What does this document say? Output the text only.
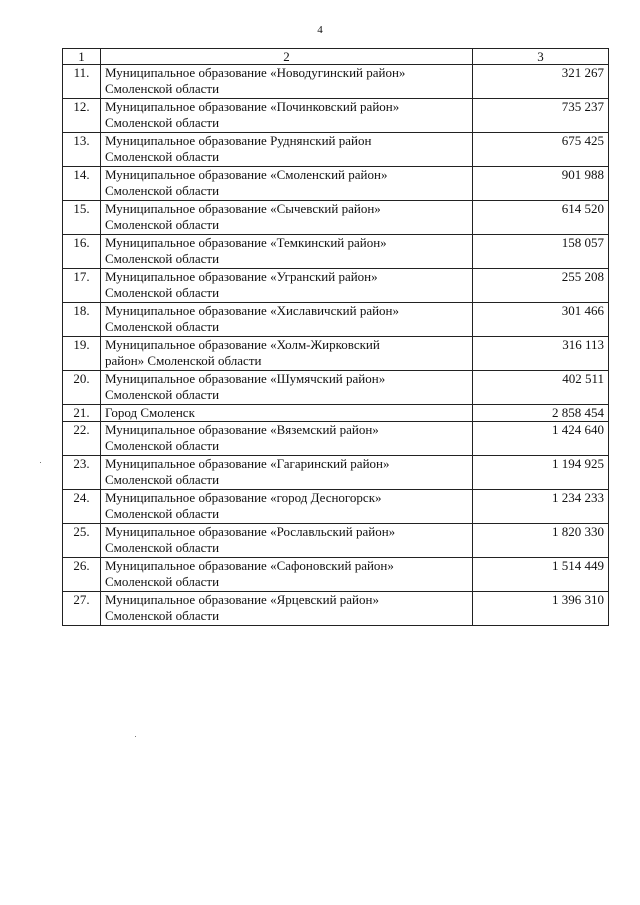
4
1	2	3
11.	Муниципальное образование «Новодугинский район»
Смоленской области	321 267
12.	Муниципальное образование «Починковский район»
Смоленской области	735 237
13.	Муниципальное образование Руднянский район
Смоленской области	675 425
14.	Муниципальное образование «Смоленский район»
Смоленской области	901 988
15.	Муниципальное образование «Сычевский район»
Смоленской области	614 520
16.	Муниципальное образование «Темкинский район»
Смоленской области	158 057
17.	Муниципальное образование «Угранский район»
Смоленской области	255 208
18.	Муниципальное образование «Хиславичский район»
Смоленской области	301 466
19.	Муниципальное образование «Холм-Жирковский
район» Смоленской области	316 113
20.	Муниципальное образование «Шумячский район»
Смоленской области	402 511
21.	Город Смоленск	2 858 454
22.	Муниципальное образование «Вяземский район»
Смоленской области	1 424 640
23.	Муниципальное образование «Гагаринский район»
Смоленской области	1 194 925
24.	Муниципальное образование «город Десногорск»
Смоленской области	1 234 233
25.	Муниципальное образование «Рославльский район»
Смоленской области	1 820 330
26.	Муниципальное образование «Сафоновский район»
Смоленской области	1 514 449
27.	Муниципальное образование «Ярцевский район»
Смоленской области	1 396 310
